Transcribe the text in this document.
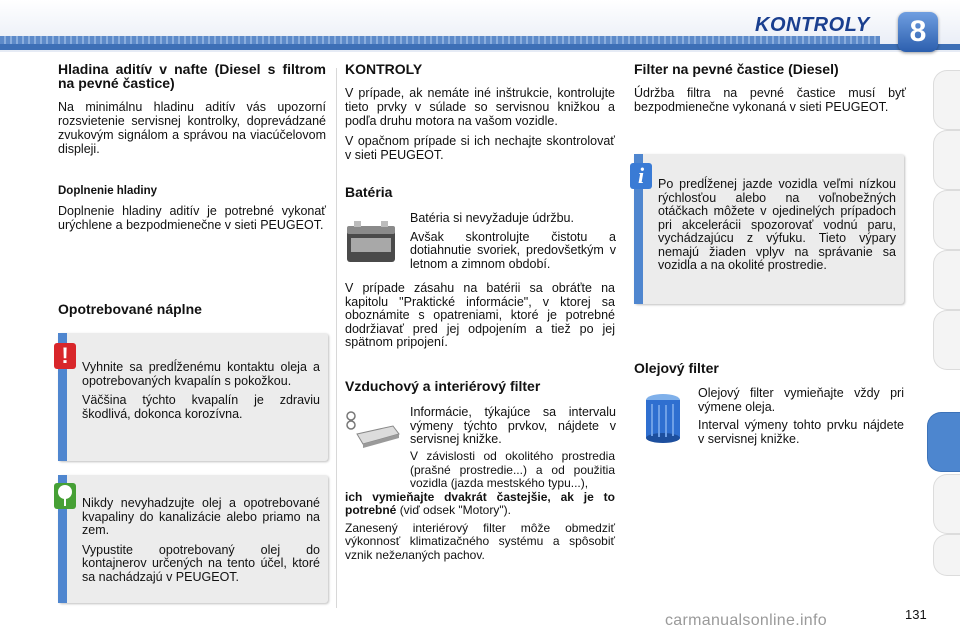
KONTROLY	8
Hladina aditív v nafte (Diesel s filtrom na pevné častice)

Na minimálnu hladinu aditív vás upozorní rozsvietenie servisnej kontrolky, doprevádzané zvukovým signálom a správou na viacúčelovom displeji.

Doplnenie hladiny

Doplnenie hladiny aditív je potrebné vykonať urýchlene a bezpodmienečne v sieti PEUGEOT.

Opotrebované náplne

Vyhnite sa predĺženému kontaktu oleja a opotrebovaných kvapalín s pokožkou.

Väčšina týchto kvapalín je zdraviu škodlivá, dokonca korozívna.

!

Nikdy nevyhadzujte olej a opotrebované kvapaliny do kanalizácie alebo priamo na zem.

Vypustite opotrebovaný olej do kontajnerov určených na tento účel, ktoré sa nachádzajú v PEUGEOT.

KONTROLY

V prípade, ak nemáte iné inštrukcie, kontrolujte tieto prvky v súlade so servisnou knižkou a podľa druhu motora na vašom vozidle.

V opačnom prípade si ich nechajte skontrolovať v sieti PEUGEOT.

Batéria

Batéria si nevyžaduje údržbu.

Avšak skontrolujte čistotu a dotiahnutie svoriek, predovšetkým v letnom a zimnom období.

V prípade zásahu na batérii sa obráťte na kapitolu "Praktické informácie", v ktorej sa oboznámite s opatreniami, ktoré je potrebné dodržiavať pred jej odpojením a tiež po jej spätnom pripojení.

Vzduchový a interiérový filter

Informácie, týkajúce sa intervalu výmeny týchto prvkov, nájdete v servisnej knižke.

V závislosti od okolitého prostredia (prašné prostredie...) a od použitia vozidla (jazda mestského typu...),

ich vymieňajte dvakrát častejšie, ak je to potrebné (viď odsek "Motory").

Zanesený interiérový filter môže obmedziť výkonnosť klimatizačného systému a spôsobiť vznik nežелаných pachov.

Filter na pevné častice (Diesel)

Údržba filtra na pevné častice musí byť bezpodmienečne vykonaná v sieti PEUGEOT.

Po predĺženej jazde vozidla veľmi nízkou rýchlosťou alebo na voľnobežných otáčkach môžete v ojedinelých prípadoch pri akcelerácii spozorovať vodnú paru, vychádzajúcu z výfuku. Tieto výpary nemajú žiaden vplyv na správanie sa vozidla a na okolité prostredie.

i
Olejový filter

Olejový filter vymieňajte vždy pri výmene oleja.

Interval výmeny tohto prvku nájdete v servisnej knižke.

carmanualsonline.info	131
